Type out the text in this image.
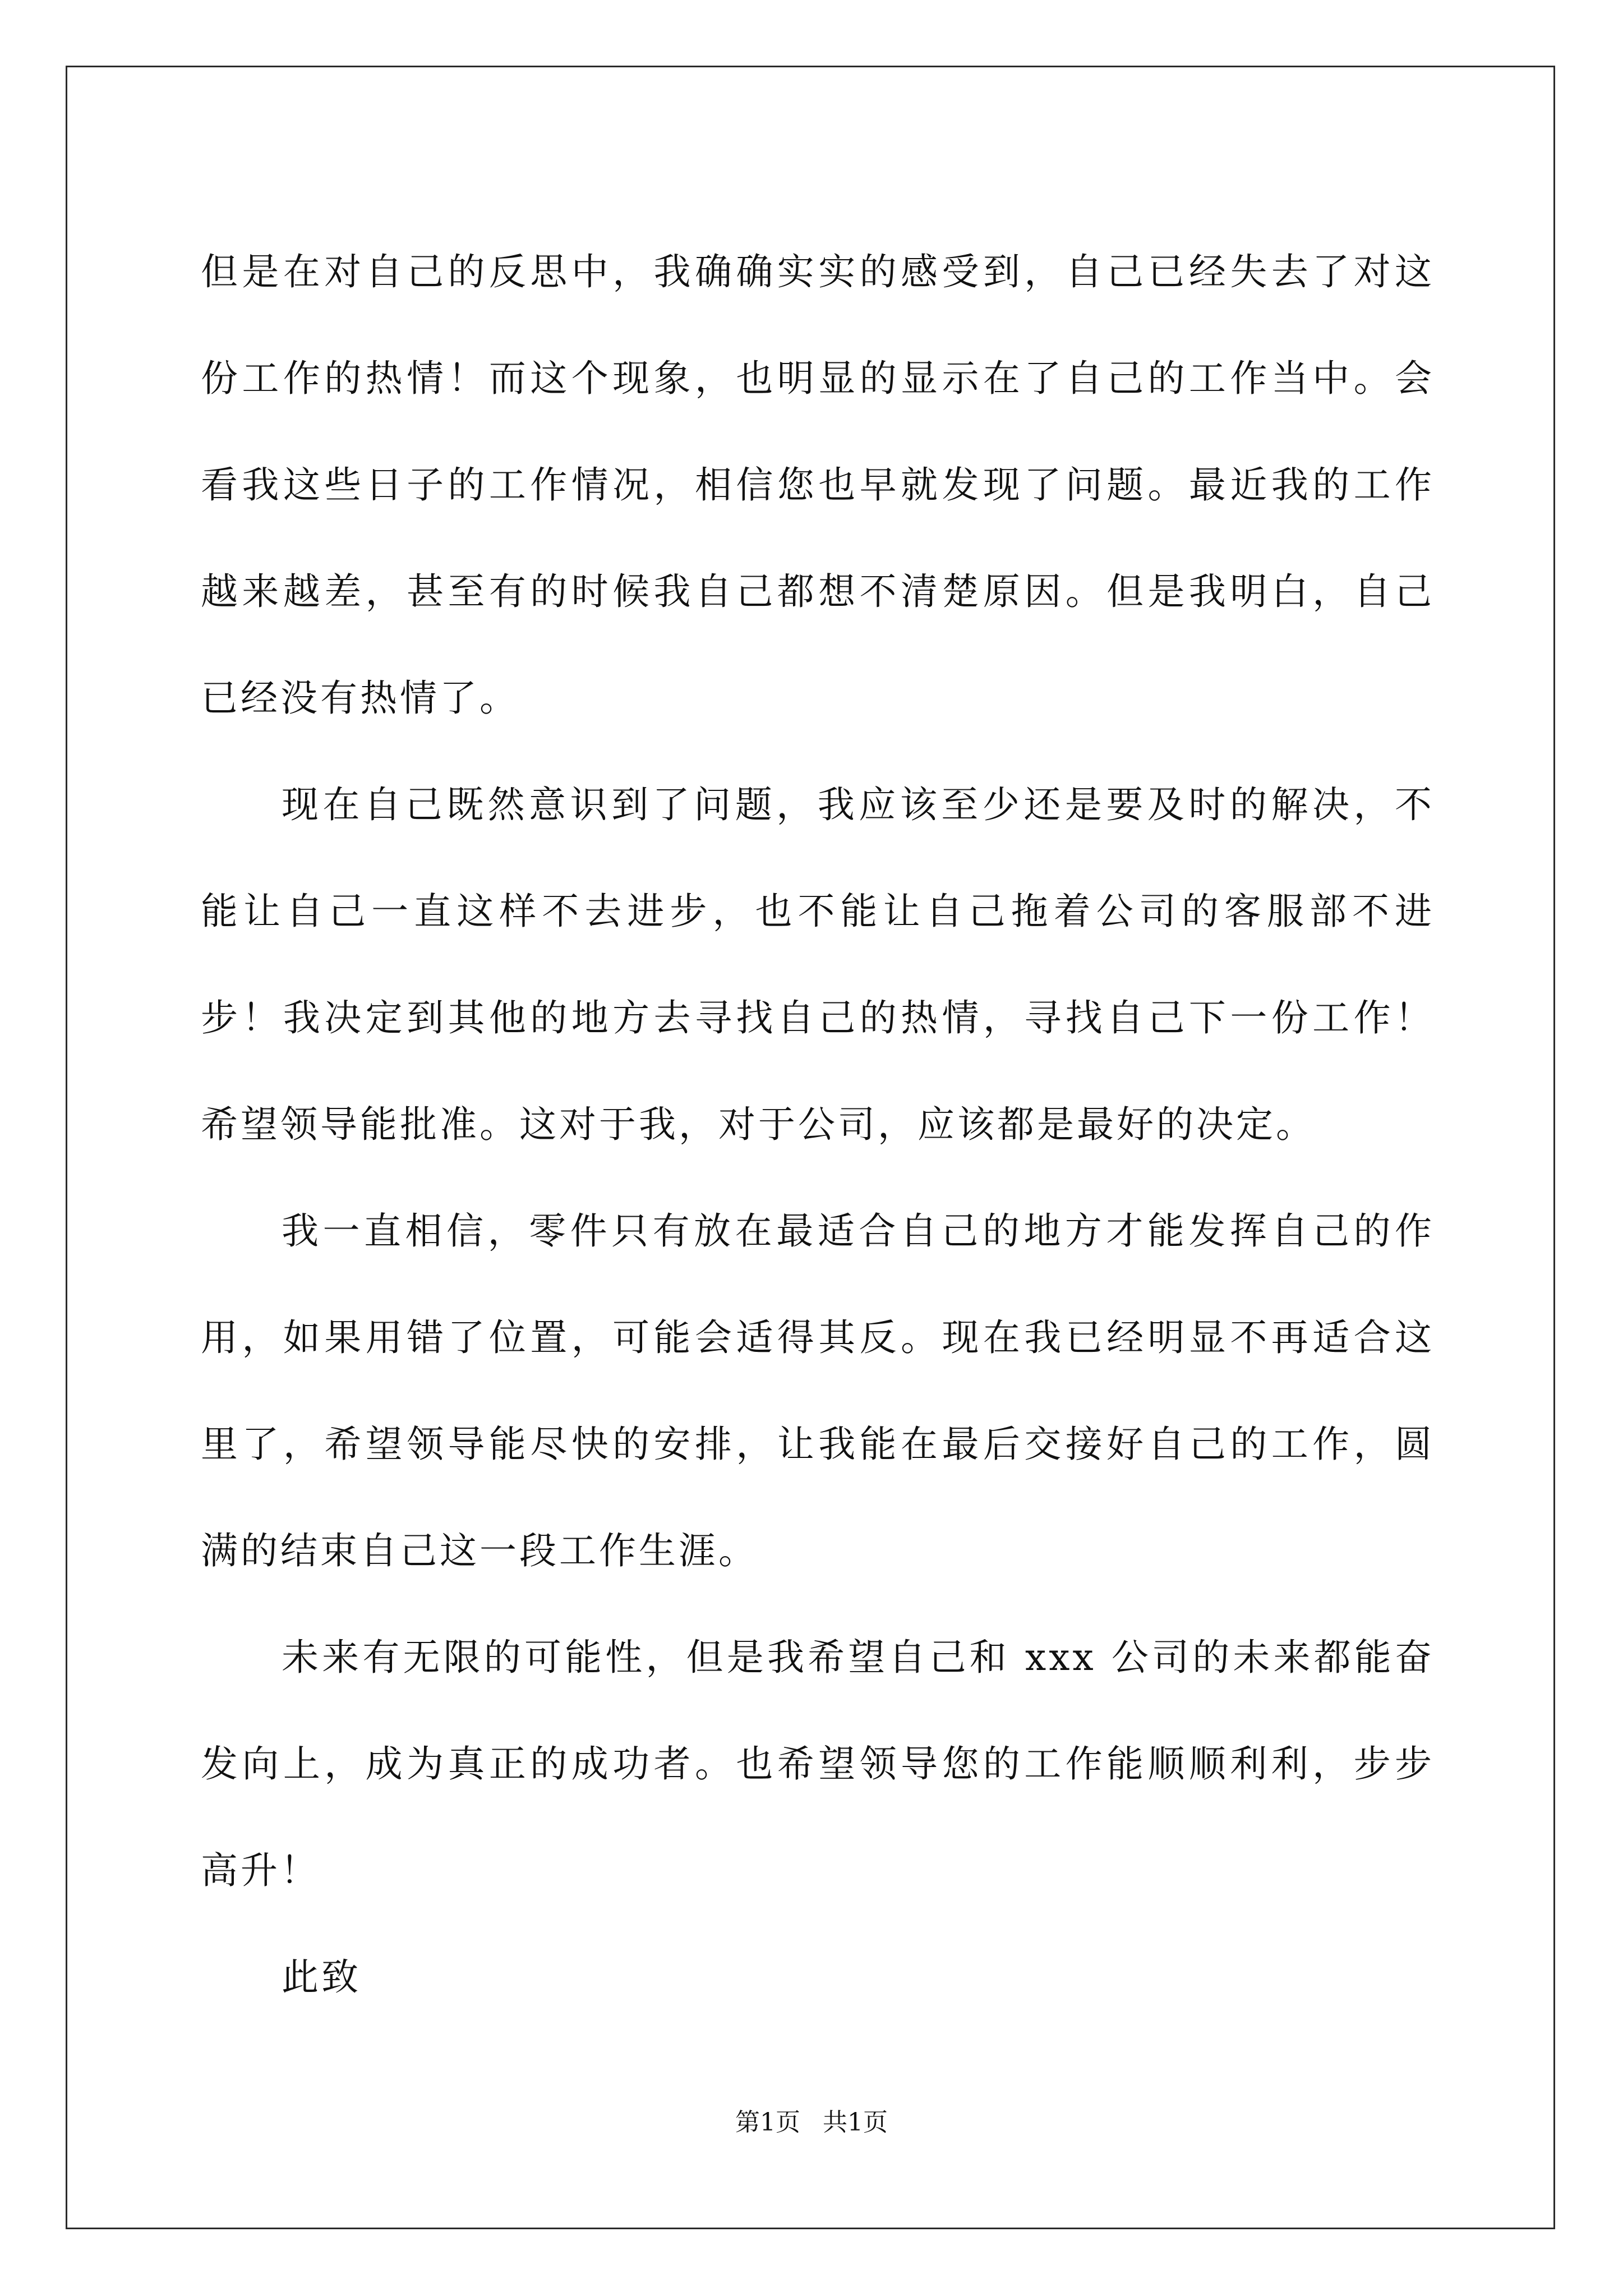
但是在对自己的反思中，我确确实实的感受到，自己已经失去了对这份工作的热情！而这个现象，也明显的显示在了自己的工作当中。会看我这些日子的工作情况，相信您也早就发现了问题。最近我的工作越来越差，甚至有的时候我自己都想不清楚原因。但是我明白，自己已经没有热情了。

现在自己既然意识到了问题，我应该至少还是要及时的解决，不能让自己一直这样不去进步，也不能让自己拖着公司的客服部不进步！我决定到其他的地方去寻找自己的热情，寻找自己下一份工作！希望领导能批准。这对于我，对于公司，应该都是最好的决定。

我一直相信，零件只有放在最适合自己的地方才能发挥自己的作用，如果用错了位置，可能会适得其反。现在我已经明显不再适合这里了，希望领导能尽快的安排，让我能在最后交接好自己的工作，圆满的结束自己这一段工作生涯。

未来有无限的可能性，但是我希望自己和 xxx 公司的未来都能奋发向上，成为真正的成功者。也希望领导您的工作能顺顺利利，步步高升！

此致

第1页 共1页
